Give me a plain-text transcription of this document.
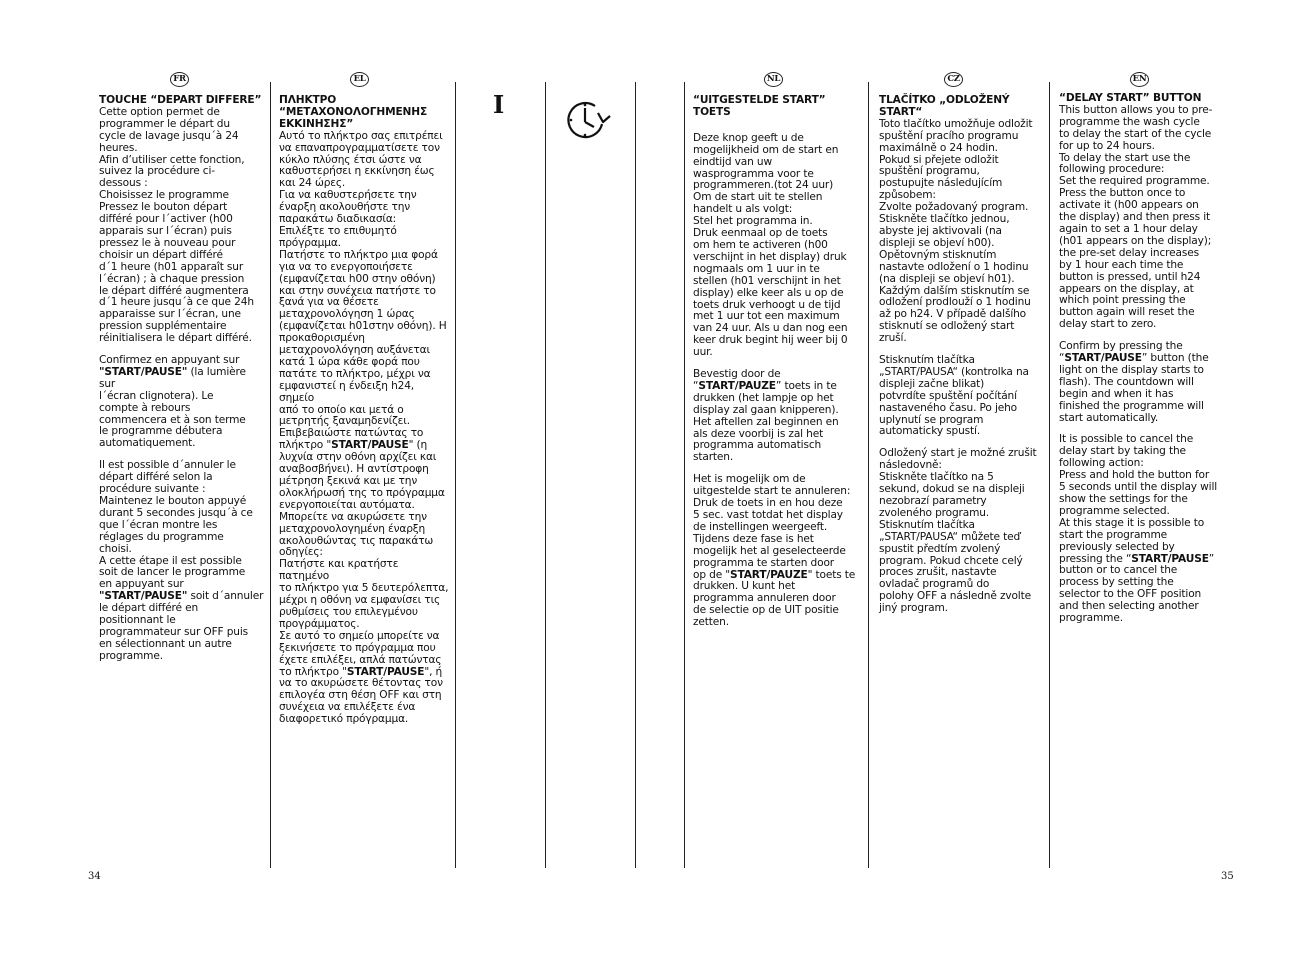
FR	EL	NL	CZ	EN
I

TOUCHE “DEPART DIFFERE”

Cette option permet de
programmer le départ du
cycle de lavage jusqu´à 24
heures.
Afin d’utiliser cette fonction,
suivez la procédure ci-
dessous :
Choisissez le programme
Pressez le bouton départ
différé pour l´activer (h00
apparais sur l´écran) puis
pressez le à nouveau pour
choisir un départ différé
d´1 heure (h01 apparaît sur
l´écran) ; à chaque pression
le départ différé augmentera
d´1 heure jusqu´à ce que 24h
apparaisse sur l´écran, une
pression supplémentaire
réinitialisera le départ différé.

Confirmez en appuyant sur
"START/PAUSE" (la lumière sur
l´écran clignotera). Le
compte à rebours
commencera et à son terme
le programme débutera
automatiquement.

Il est possible d´annuler le
départ différé selon la
procédure suivante :
Maintenez le bouton appuyé
durant 5 secondes jusqu´à ce
que l´écran montre les
réglages du programme
choisi.
A cette étape il est possible
soit de lancer le programme
en appuyant sur
"START/PAUSE" soit d´annuler
le départ différé en
positionnant le
programmateur sur OFF puis
en sélectionnant un autre
programme.

ΠΛΗΚΤΡΟ
“ΜΕΤΑΧΟΝΟΛΟΓΗΜΕΝΗΣ
ΕΚΚΙΝΗΣΗΣ”

Αυτό το πλήκτρο σας επιτρέπει
να επαναπρογραμματίσετε τον
κύκλο πλύσης έτσι ώστε να
καθυστερήσει η εκκίνηση έως
και 24 ώρες.
Για να καθυστερήσετε την
έναρξη ακολουθήστε την
παρακάτω διαδικασία:
Επιλέξτε το επιθυμητό
πρόγραμμα.
Πατήστε το πλήκτρο μια φορά
για να το ενεργοποιήσετε
(εμφανίζεται h00 στην οθόνη)
και στην συνέχεια πατήστε το
ξανά για να θέσετε
μεταχρονολόγηση 1 ώρας
(εμφανίζεται h01στην οθόνη). Η
προκαθορισμένη
μεταχρονολόγηση αυξάνεται
κατά 1 ώρα κάθε φορά που
πατάτε το πλήκτρο, μέχρι να
εμφανιστεί η ένδειξη h24, σημείο
από το οποίο και μετά ο
μετρητής ξαναμηδενίζει.
Επιβεβαιώστε πατώντας το
πλήκτρο "START/PAUSE" (η
λυχνία στην οθόνη αρχίζει και
αναβοσβήνει). Η αντίστροφη
μέτρηση ξεκινά και με την
ολοκλήρωσή της το πρόγραμμα
ενεργοποιείται αυτόματα.
Μπορείτε να ακυρώσετε την
μεταχρονολογημένη έναρξη
ακολουθώντας τις παρακάτω
οδηγίες:
Πατήστε και κρατήστε πατημένο
το πλήκτρο για 5 δευτερόλεπτα,
μέχρι η οθόνη να εμφανίσει τις
ρυθμίσεις του επιλεγμένου
προγράμματος.
Σε αυτό το σημείο μπορείτε να
ξεκινήσετε το πρόγραμμα που
έχετε επιλέξει, απλά πατώντας
το πλήκτρο "START/PAUSE", ή
να το ακυρώσετε θέτοντας τον
επιλογέα στη θέση OFF και στη
συνέχεια να επιλέξετε ένα
διαφορετικό πρόγραμμα.

“UITGESTELDE START” TOETS

Deze knop geeft u de
mogelijkheid om de start en
eindtijd van uw
wasprogramma voor te
programmeren.(tot 24 uur)
Om de start uit te stellen
handelt u als volgt:
Stel het programma in.
Druk eenmaal op de toets
om hem te activeren (h00
verschijnt in het display) druk
nogmaals om 1 uur in te
stellen (h01 verschijnt in het
display) elke keer als u op de
toets druk verhoogt u de tijd
met 1 uur tot een maximum
van 24 uur. Als u dan nog een
keer druk begint hij weer bij 0
uur.

Bevestig door de
“START/PAUZE” toets in te
drukken (het lampje op het
display zal gaan knipperen).
Het aftellen zal beginnen en
als deze voorbij is zal het
programma automatisch
starten.

Het is mogelijk om de
uitgestelde start te annuleren:
Druk de toets in en hou deze
5 sec. vast totdat het display
de instellingen weergeeft.
Tijdens deze fase is het
mogelijk het al geselecteerde
programma te starten door
op de "START/PAUZE" toets te
drukken. U kunt het
programma annuleren door
de selectie op de UIT positie
zetten.

TLAČÍTKO „ODLOŽENÝ START“

Toto tlačítko umožňuje odložit
spuštění pracího programu
maximálně o 24 hodin.
Pokud si přejete odložit
spuštění programu,
postupujte následujícím
způsobem:
Zvolte požadovaný program.
Stiskněte tlačítko jednou,
abyste jej aktivovali (na
displeji se objeví h00).
Opětovným stisknutím
nastavte odložení o 1 hodinu
(na displeji se objeví h01).
Každým dalším stisknutím se
odložení prodlouží o 1 hodinu
až po h24. V případě dalšího
stisknutí se odložený start
zruší.

Stisknutím tlačítka
„START/PAUSA“ (kontrolka na
displeji začne blikat)
potvrdíte spuštění počítání
nastaveného času. Po jeho
uplynutí se program
automaticky spustí.

Odložený start je možné zrušit
následovně:
Stiskněte tlačítko na 5
sekund, dokud se na displeji
nezobrazí parametry
zvoleného programu.
Stisknutím tlačítka
„START/PAUSA“ můžete teď
spustit předtím zvolený
program. Pokud chcete celý
proces zrušit, nastavte
ovladač programů do
polohy OFF a následně zvolte
jiný program.

“DELAY START” BUTTON

This button allows you to pre-
programme the wash cycle
to delay the start of the cycle
for up to 24 hours.
To delay the start use the
following procedure:
Set the required programme.
Press the button once to
activate it (h00 appears on
the display) and then press it
again to set a 1 hour delay
(h01 appears on the display);
the pre-set delay increases
by 1 hour each time the
button is pressed, until h24
appears on the display, at
which point pressing the
button again will reset the
delay start to zero.

Confirm by pressing the
“START/PAUSE” button (the
light on the display starts to
flash). The countdown will
begin and when it has
finished the programme will
start automatically.

It is possible to cancel the
delay start by taking the
following action:
Press and hold the button for
5 seconds until the display will
show the settings for the
programme selected.
At this stage it is possible to
start the programme
previously selected by
pressing the “START/PAUSE”
button or to cancel the
process by setting the
selector to the OFF position
and then selecting another
programme.

34	35
